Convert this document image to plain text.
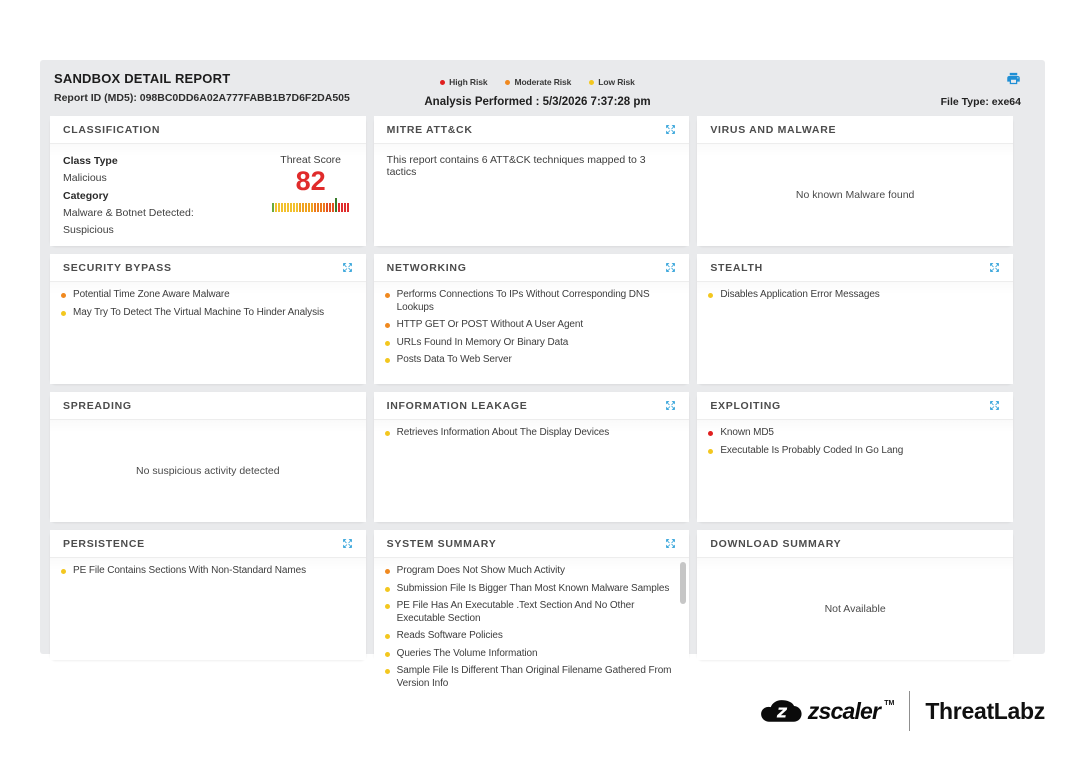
SANDBOX DETAIL REPORT
Report ID (MD5): 098BC0DD6A02A777FABB1B7D6F2DA505
High Risk	Moderate Risk	Low Risk
Analysis Performed : 5/3/2026 7:37:28 pm	File Type: exe64
CLASSIFICATION
Class Type
Malicious
Category
Malware & Botnet Detected:
Suspicious
Threat Score
82
MITRE ATT&CK
This report contains 6 ATT&CK techniques mapped to 3 tactics
VIRUS AND MALWARE
No known Malware found
SECURITY BYPASS
Potential Time Zone Aware Malware
May Try To Detect The Virtual Machine To Hinder Analysis
NETWORKING
Performs Connections To IPs Without Corresponding DNS Lookups
HTTP GET Or POST Without A User Agent
URLs Found In Memory Or Binary Data
Posts Data To Web Server
STEALTH
Disables Application Error Messages
SPREADING
No suspicious activity detected
INFORMATION LEAKAGE
Retrieves Information About The Display Devices
EXPLOITING
Known MD5
Executable Is Probably Coded In Go Lang
PERSISTENCE
PE File Contains Sections With Non-Standard Names
SYSTEM SUMMARY
Program Does Not Show Much Activity
Submission File Is Bigger Than Most Known Malware Samples
PE File Has An Executable .Text Section And No Other Executable Section
Reads Software Policies
Queries The Volume Information
Sample File Is Different Than Original Filename Gathered From Version Info
DOWNLOAD SUMMARY
Not Available
z zscaler TM ThreatLabz
